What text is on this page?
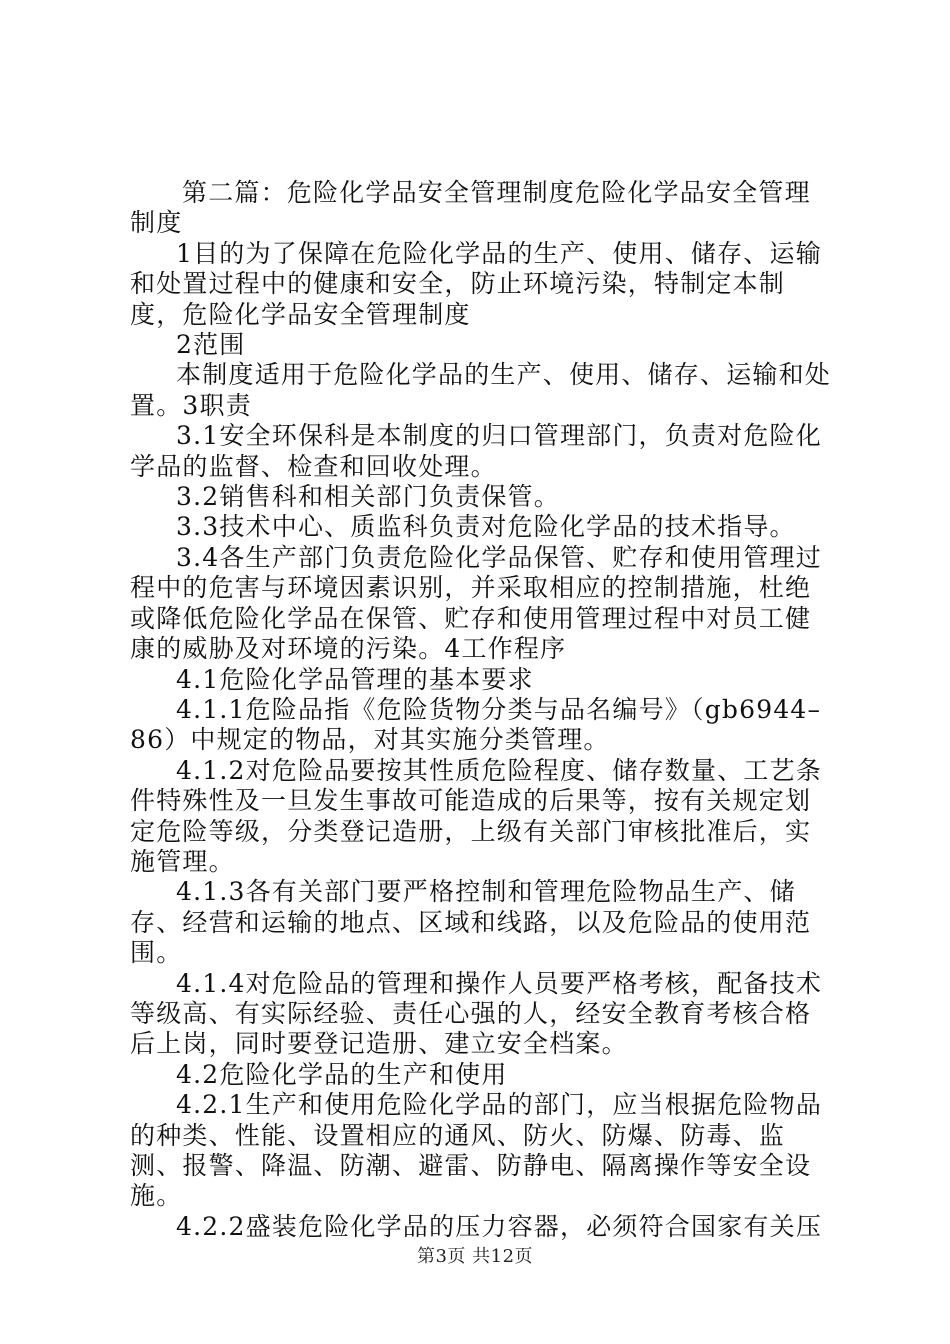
第二篇：危险化学品安全管理制度危险化学品安全管理制度

1目的为了保障在危险化学品的生产、使用、储存、运输和处置过程中的健康和安全，防止环境污染，特制定本制度，危险化学品安全管理制度

2范围

本制度适用于危险化学品的生产、使用、储存、运输和处置。3职责

3.1安全环保科是本制度的归口管理部门，负责对危险化学品的监督、检查和回收处理。

3.2销售科和相关部门负责保管。

3.3技术中心、质监科负责对危险化学品的技术指导。

3.4各生产部门负责危险化学品保管、贮存和使用管理过程中的危害与环境因素识别，并采取相应的控制措施，杜绝或降低危险化学品在保管、贮存和使用管理过程中对员工健康的威胁及对环境的污染。4工作程序

4.1危险化学品管理的基本要求

4.1.1危险品指《危险货物分类与品名编号》（gb6944–86）中规定的物品，对其实施分类管理。

4.1.2对危险品要按其性质危险程度、储存数量、工艺条件特殊性及一旦发生事故可能造成的后果等，按有关规定划定危险等级，分类登记造册，上级有关部门审核批准后，实施管理。

4.1.3各有关部门要严格控制和管理危险物品生产、储存、经营和运输的地点、区域和线路，以及危险品的使用范围。

4.1.4对危险品的管理和操作人员要严格考核，配备技术等级高、有实际经验、责任心强的人，经安全教育考核合格后上岗，同时要登记造册、建立安全档案。

4.2危险化学品的生产和使用

4.2.1生产和使用危险化学品的部门，应当根据危险物品的种类、性能、设置相应的通风、防火、防爆、防毒、监测、报警、降温、防潮、避雷、防静电、隔离操作等安全设施。

4.2.2盛装危险化学品的压力容器，必须符合国家有关压

第3页 共12页
